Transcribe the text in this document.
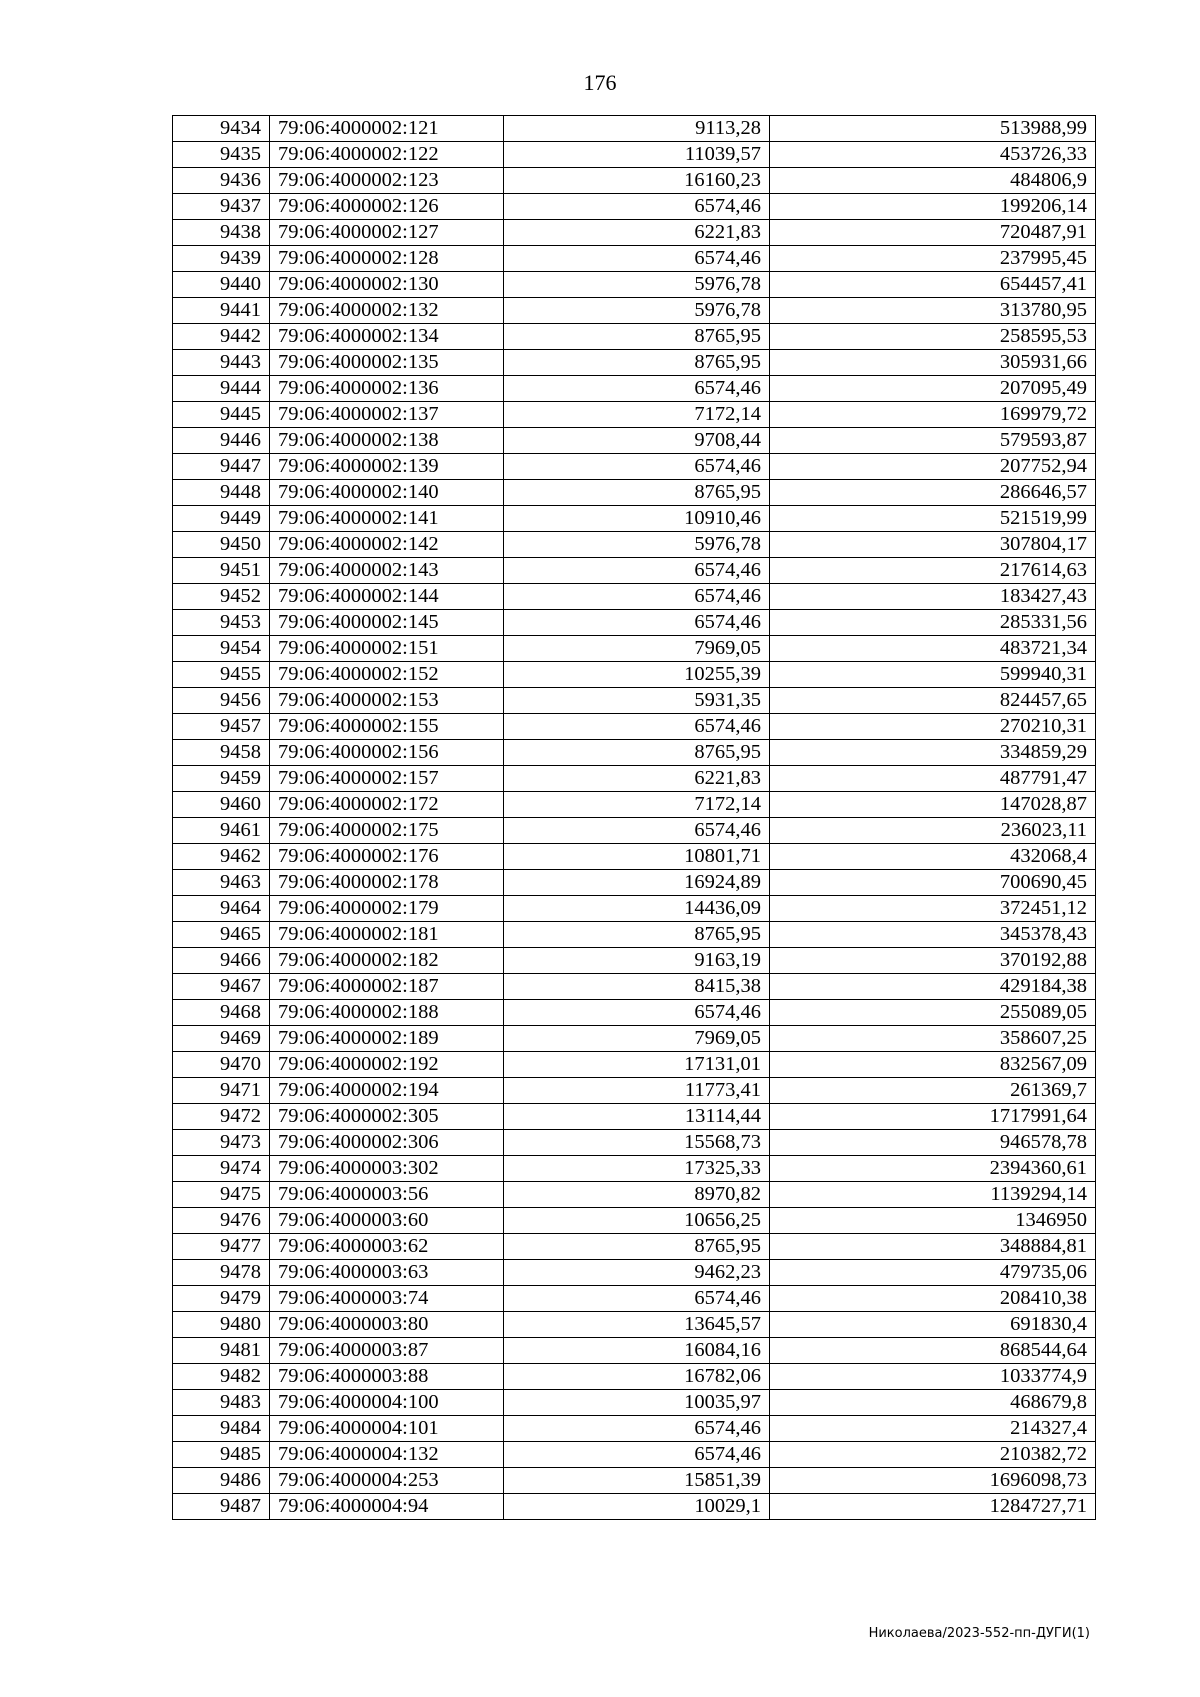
176
9434	79:06:4000002:121	9113,28	513988,99
9435	79:06:4000002:122	11039,57	453726,33
9436	79:06:4000002:123	16160,23	484806,9
9437	79:06:4000002:126	6574,46	199206,14
9438	79:06:4000002:127	6221,83	720487,91
9439	79:06:4000002:128	6574,46	237995,45
9440	79:06:4000002:130	5976,78	654457,41
9441	79:06:4000002:132	5976,78	313780,95
9442	79:06:4000002:134	8765,95	258595,53
9443	79:06:4000002:135	8765,95	305931,66
9444	79:06:4000002:136	6574,46	207095,49
9445	79:06:4000002:137	7172,14	169979,72
9446	79:06:4000002:138	9708,44	579593,87
9447	79:06:4000002:139	6574,46	207752,94
9448	79:06:4000002:140	8765,95	286646,57
9449	79:06:4000002:141	10910,46	521519,99
9450	79:06:4000002:142	5976,78	307804,17
9451	79:06:4000002:143	6574,46	217614,63
9452	79:06:4000002:144	6574,46	183427,43
9453	79:06:4000002:145	6574,46	285331,56
9454	79:06:4000002:151	7969,05	483721,34
9455	79:06:4000002:152	10255,39	599940,31
9456	79:06:4000002:153	5931,35	824457,65
9457	79:06:4000002:155	6574,46	270210,31
9458	79:06:4000002:156	8765,95	334859,29
9459	79:06:4000002:157	6221,83	487791,47
9460	79:06:4000002:172	7172,14	147028,87
9461	79:06:4000002:175	6574,46	236023,11
9462	79:06:4000002:176	10801,71	432068,4
9463	79:06:4000002:178	16924,89	700690,45
9464	79:06:4000002:179	14436,09	372451,12
9465	79:06:4000002:181	8765,95	345378,43
9466	79:06:4000002:182	9163,19	370192,88
9467	79:06:4000002:187	8415,38	429184,38
9468	79:06:4000002:188	6574,46	255089,05
9469	79:06:4000002:189	7969,05	358607,25
9470	79:06:4000002:192	17131,01	832567,09
9471	79:06:4000002:194	11773,41	261369,7
9472	79:06:4000002:305	13114,44	1717991,64
9473	79:06:4000002:306	15568,73	946578,78
9474	79:06:4000003:302	17325,33	2394360,61
9475	79:06:4000003:56	8970,82	1139294,14
9476	79:06:4000003:60	10656,25	1346950
9477	79:06:4000003:62	8765,95	348884,81
9478	79:06:4000003:63	9462,23	479735,06
9479	79:06:4000003:74	6574,46	208410,38
9480	79:06:4000003:80	13645,57	691830,4
9481	79:06:4000003:87	16084,16	868544,64
9482	79:06:4000003:88	16782,06	1033774,9
9483	79:06:4000004:100	10035,97	468679,8
9484	79:06:4000004:101	6574,46	214327,4
9485	79:06:4000004:132	6574,46	210382,72
9486	79:06:4000004:253	15851,39	1696098,73
9487	79:06:4000004:94	10029,1	1284727,71
Николаева/2023-552-пп-ДУГИ(1)
